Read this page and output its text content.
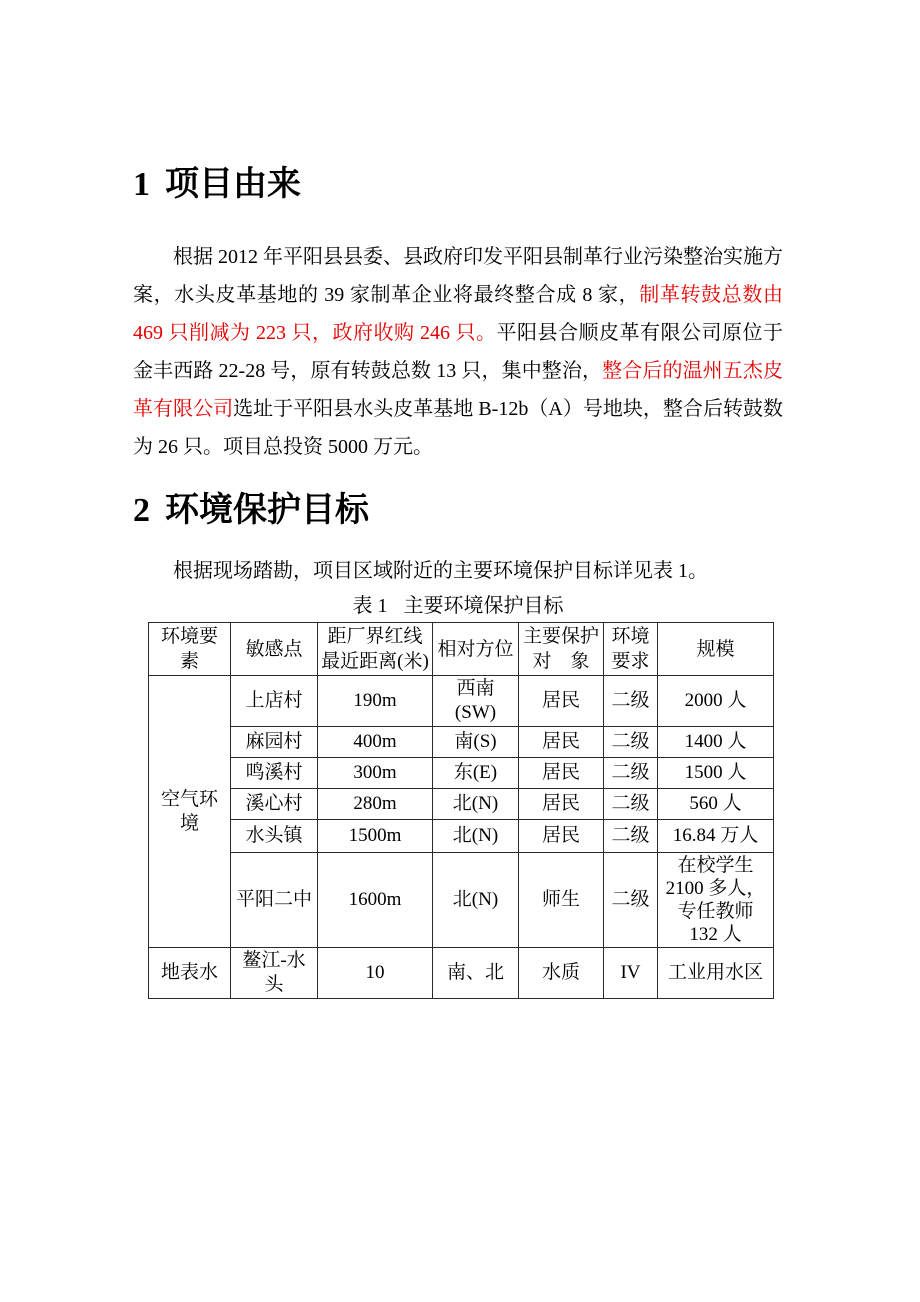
1 项目由来

根据 2012 年平阳县县委、县政府印发平阳县制革行业污染整治实施方案，水头皮革基地的 39 家制革企业将最终整合成 8 家，制革转鼓总数由 469 只削减为 223 只，政府收购 246 只。平阳县合顺皮革有限公司原位于金丰西路 22-28 号，原有转鼓总数 13 只，集中整治，整合后的温州五杰皮革有限公司选址于平阳县水头皮革基地 B-12b（A）号地块，整合后转鼓数为 26 只。项目总投资 5000 万元。

2 环境保护目标

根据现场踏勘，项目区域附近的主要环境保护目标详见表 1。

表 1 主要环境保护目标
环境要素	敏感点	距厂界红线最近距离(米)	相对方位	主要保护对　象	环境要求	规模
空气环境	上店村	190m	西南(SW)	居民	二级	2000 人
	麻园村	400m	南(S)	居民	二级	1400 人
	鸣溪村	300m	东(E)	居民	二级	1500 人
	溪心村	280m	北(N)	居民	二级	560 人
	水头镇	1500m	北(N)	居民	二级	16.84 万人
	平阳二中	1600m	北(N)	师生	二级	在校学生 2100 多人，专任教师 132 人
地表水	鳌江-水头	10	南、北	水质	IV	工业用水区
